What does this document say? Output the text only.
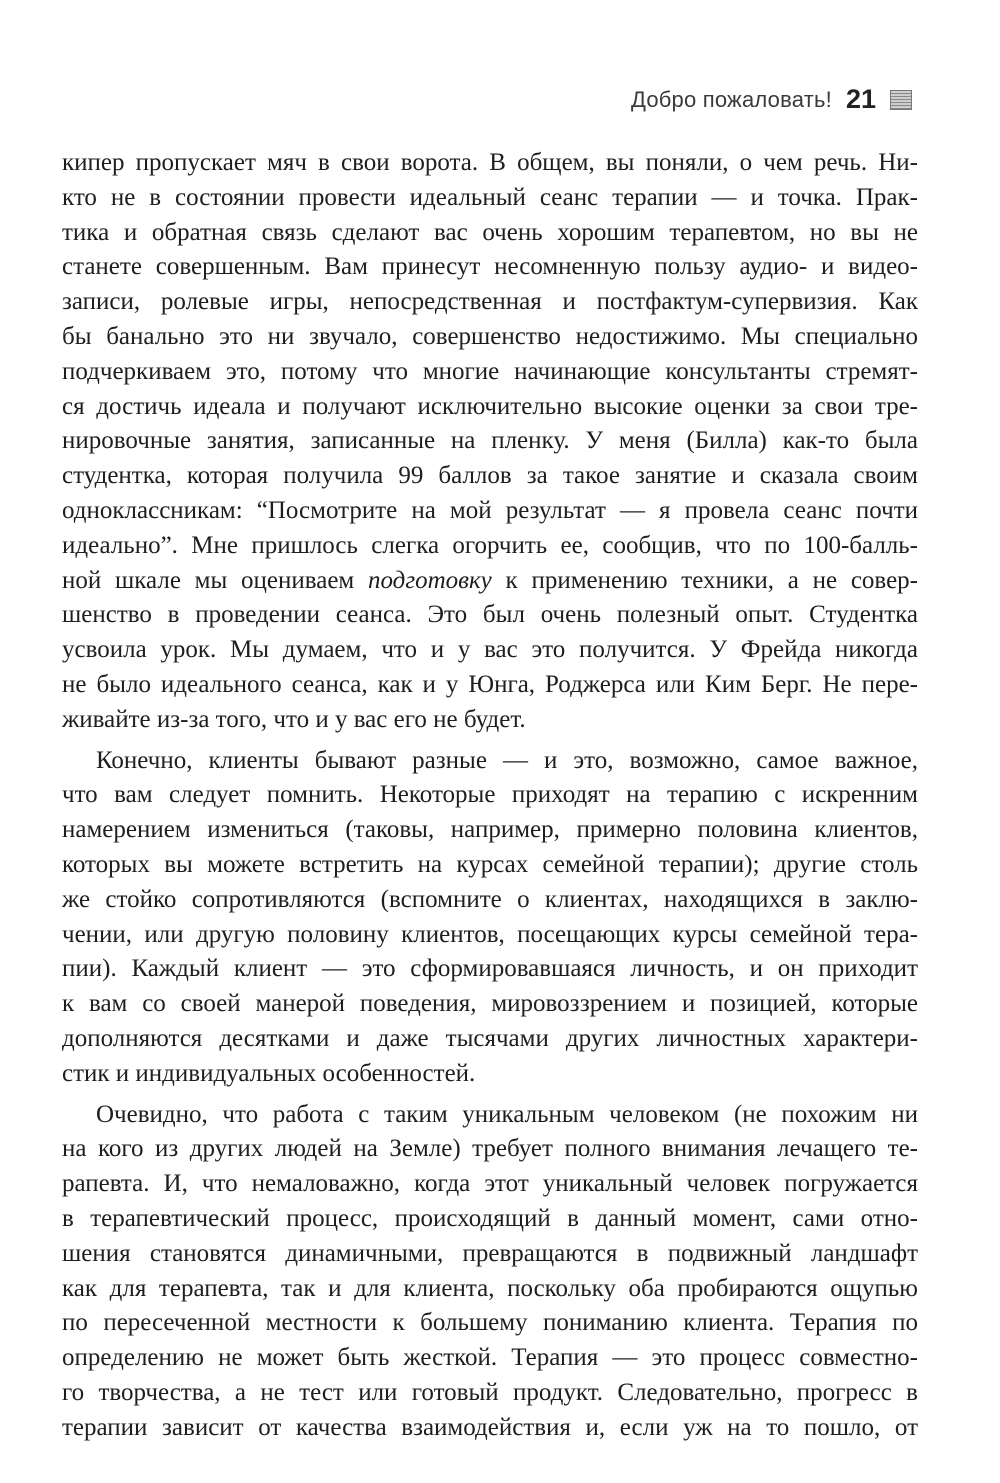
Добро пожаловать! 21
кипер пропускает мяч в свои ворота. В общем, вы поняли, о чем речь. Ни-
кто не в состоянии провести идеальный сеанс терапии — и точка. Прак-
тика и обратная связь сделают вас очень хорошим терапевтом, но вы не
станете совершенным. Вам принесут несомненную пользу аудио- и видео-
записи, ролевые игры, непосредственная и постфактум-супервизия. Как
бы банально это ни звучало, совершенство недостижимо. Мы специально
подчеркиваем это, потому что многие начинающие консультанты стремят-
ся достичь идеала и получают исключительно высокие оценки за свои тре-
нировочные занятия, записанные на пленку. У меня (Билла) как-то была
студентка, которая получила 99 баллов за такое занятие и сказала своим
одноклассникам: “Посмотрите на мой результат — я провела сеанс почти
идеально”. Мне пришлось слегка огорчить ее, сообщив, что по 100-балль-
ной шкале мы оцениваем подготовку к применению техники, а не совер-
шенство в проведении сеанса. Это был очень полезный опыт. Студентка
усвоила урок. Мы думаем, что и у вас это получится. У Фрейда никогда
не было идеального сеанса, как и у Юнга, Роджерса или Ким Берг. Не пере-
живайте из-за того, что и у вас его не будет.
Конечно, клиенты бывают разные — и это, возможно, самое важное,
что вам следует помнить. Некоторые приходят на терапию с искренним
намерением измениться (таковы, например, примерно половина клиентов,
которых вы можете встретить на курсах семейной терапии); другие столь
же стойко сопротивляются (вспомните о клиентах, находящихся в заклю-
чении, или другую половину клиентов, посещающих курсы семейной тера-
пии). Каждый клиент — это сформировавшаяся личность, и он приходит
к вам со своей манерой поведения, мировоззрением и позицией, которые
дополняются десятками и даже тысячами других личностных характери-
стик и индивидуальных особенностей.
Очевидно, что работа с таким уникальным человеком (не похожим ни
на кого из других людей на Земле) требует полного внимания лечащего те-
рапевта. И, что немаловажно, когда этот уникальный человек погружается
в терапевтический процесс, происходящий в данный момент, сами отно-
шения становятся динамичными, превращаются в подвижный ландшафт
как для терапевта, так и для клиента, поскольку оба пробираются ощупью
по пересеченной местности к большему пониманию клиента. Терапия по
определению не может быть жесткой. Терапия — это процесс совместно-
го творчества, а не тест или готовый продукт. Следовательно, прогресс в
терапии зависит от качества взаимодействия и, если уж на то пошло, от
